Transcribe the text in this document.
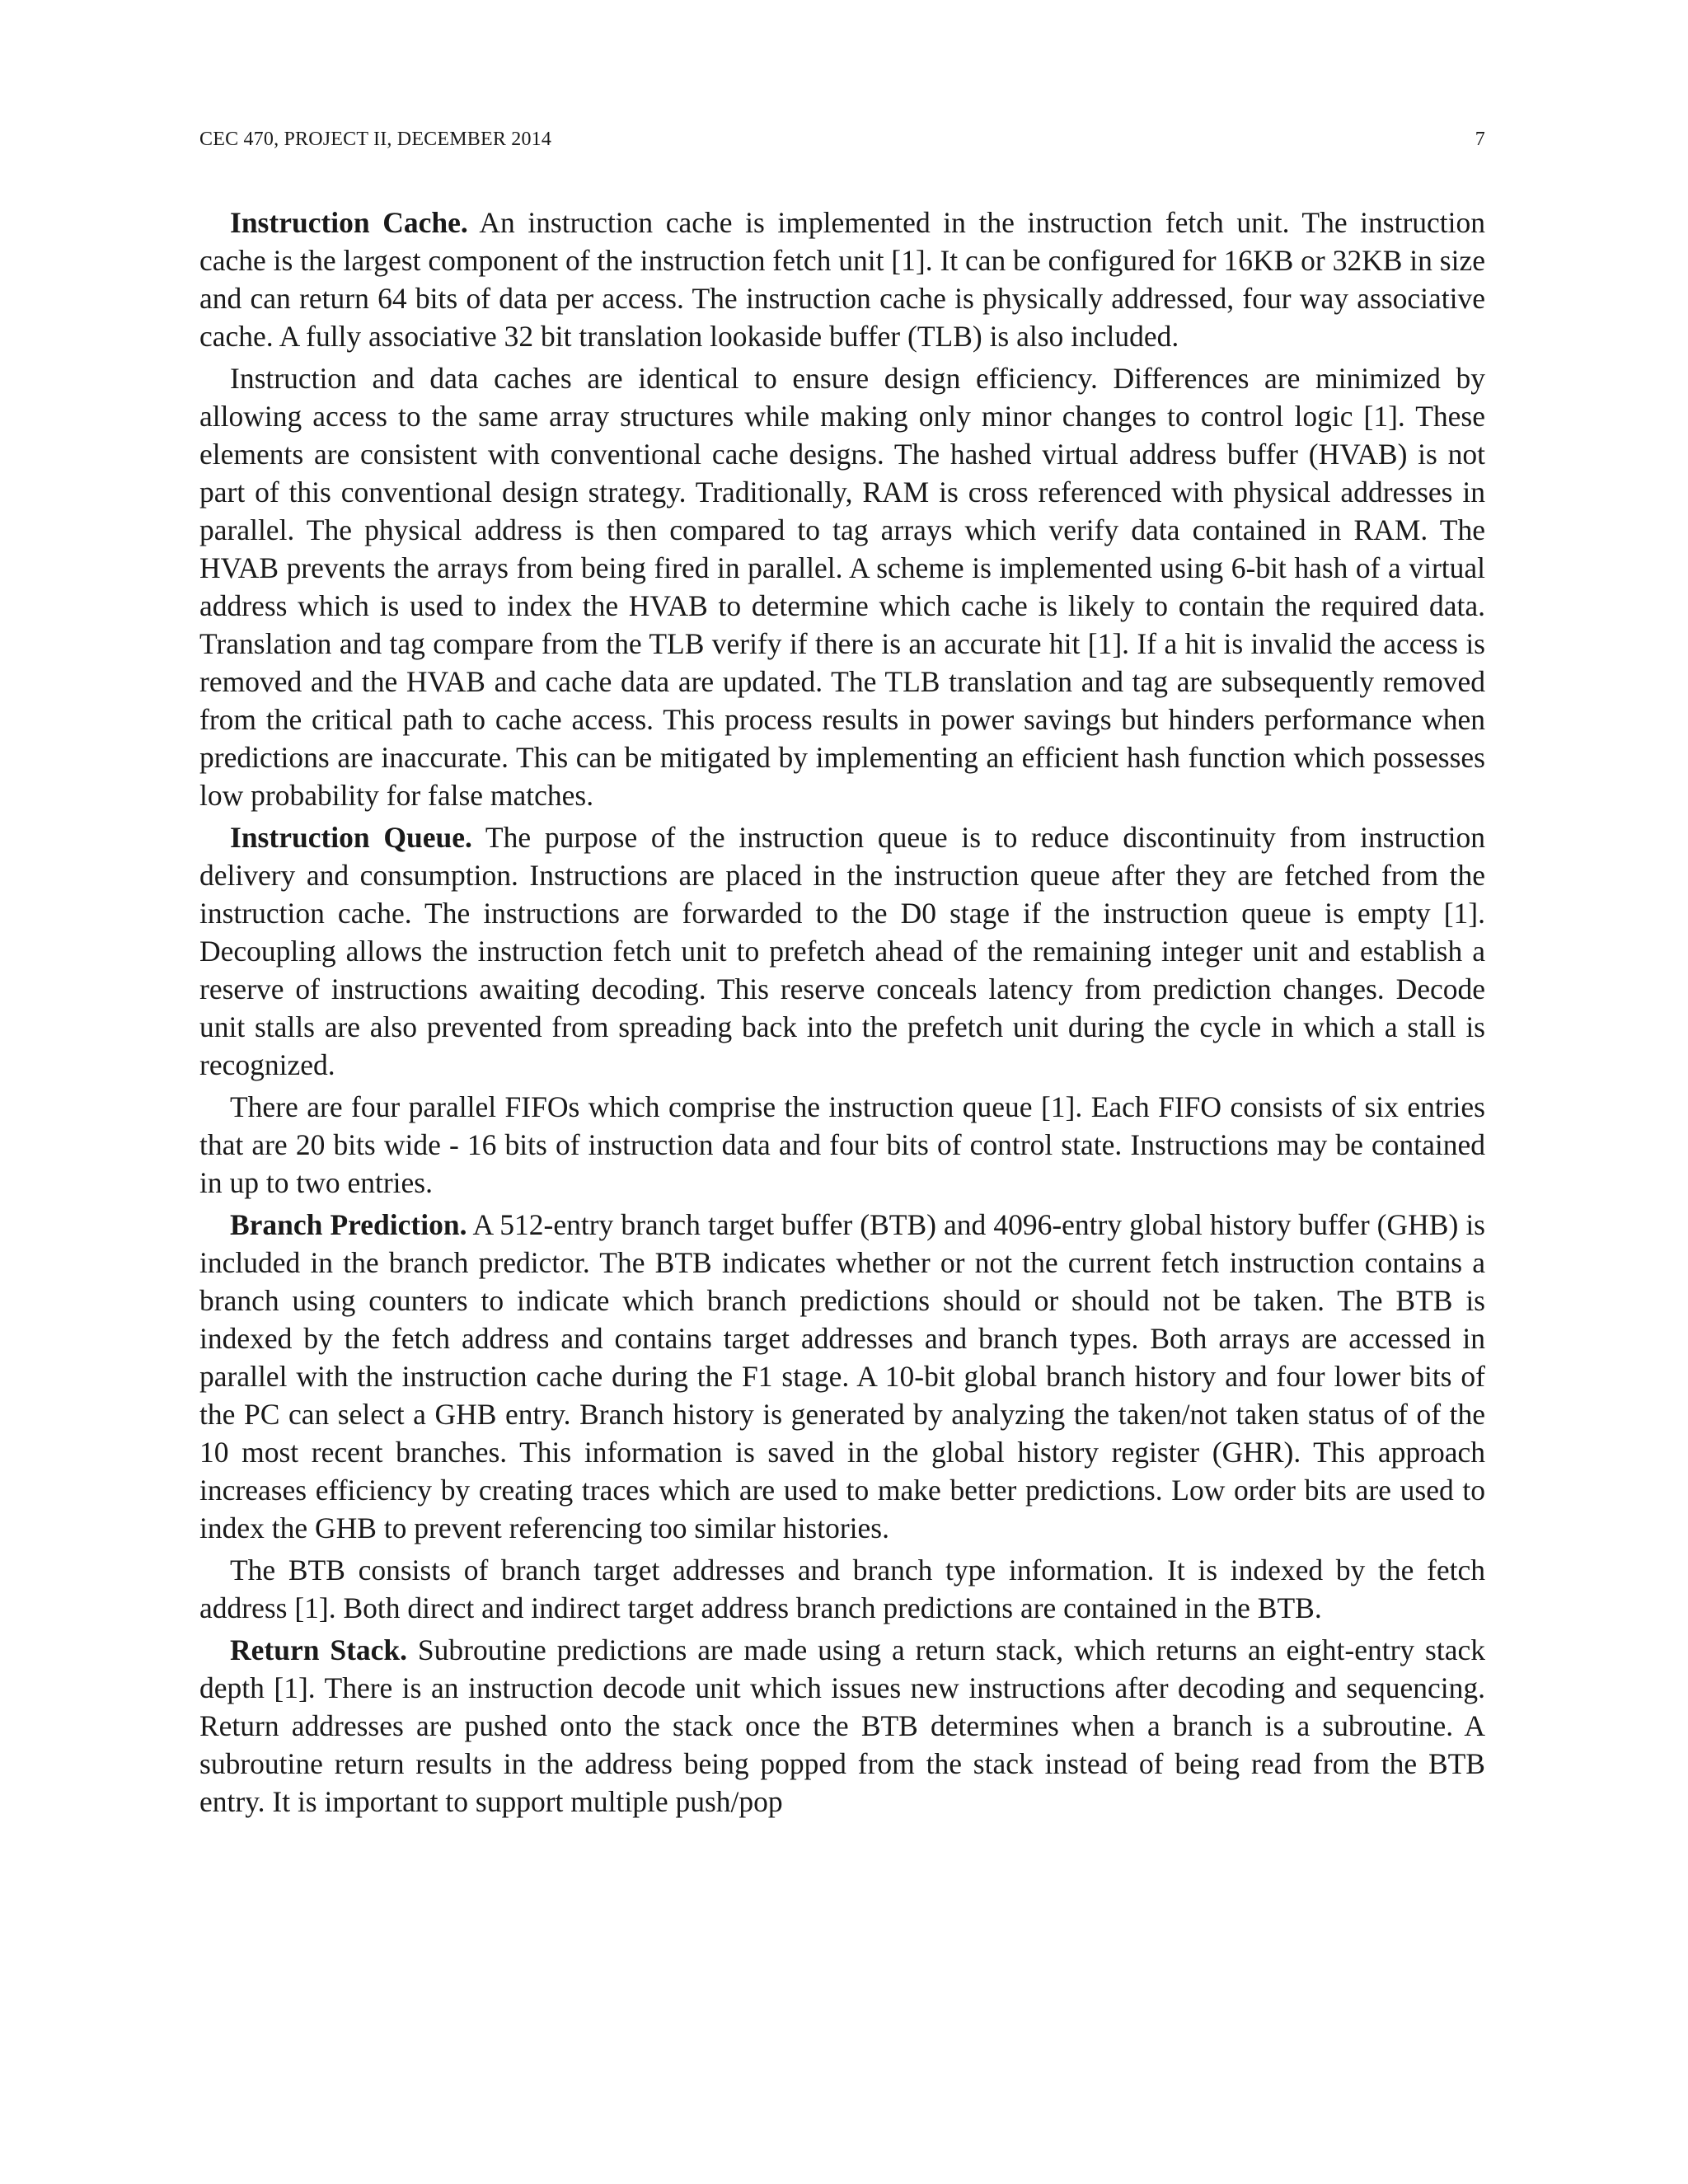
CEC 470, PROJECT II, DECEMBER 2014	7

Instruction Cache. An instruction cache is implemented in the instruction fetch unit. The instruction cache is the largest component of the instruction fetch unit [1]. It can be configured for 16KB or 32KB in size and can return 64 bits of data per access. The instruction cache is physically addressed, four way associative cache. A fully associative 32 bit translation lookaside buffer (TLB) is also included.

Instruction and data caches are identical to ensure design efficiency. Differences are minimized by allowing access to the same array structures while making only minor changes to control logic [1]. These elements are consistent with conventional cache designs. The hashed virtual address buffer (HVAB) is not part of this conventional design strategy. Traditionally, RAM is cross referenced with physical addresses in parallel. The physical address is then compared to tag arrays which verify data contained in RAM. The HVAB prevents the arrays from being fired in parallel. A scheme is implemented using 6-bit hash of a virtual address which is used to index the HVAB to determine which cache is likely to contain the required data. Translation and tag compare from the TLB verify if there is an accurate hit [1]. If a hit is invalid the access is removed and the HVAB and cache data are updated. The TLB translation and tag are subsequently removed from the critical path to cache access. This process results in power savings but hinders performance when predictions are inaccurate. This can be mitigated by implementing an efficient hash function which possesses low probability for false matches.

Instruction Queue. The purpose of the instruction queue is to reduce discontinuity from instruction delivery and consumption. Instructions are placed in the instruction queue after they are fetched from the instruction cache. The instructions are forwarded to the D0 stage if the instruction queue is empty [1]. Decoupling allows the instruction fetch unit to prefetch ahead of the remaining integer unit and establish a reserve of instructions awaiting decoding. This reserve conceals latency from prediction changes. Decode unit stalls are also prevented from spreading back into the prefetch unit during the cycle in which a stall is recognized.

There are four parallel FIFOs which comprise the instruction queue [1]. Each FIFO consists of six entries that are 20 bits wide - 16 bits of instruction data and four bits of control state. Instructions may be contained in up to two entries.

Branch Prediction. A 512-entry branch target buffer (BTB) and 4096-entry global history buffer (GHB) is included in the branch predictor. The BTB indicates whether or not the current fetch instruction contains a branch using counters to indicate which branch predictions should or should not be taken. The BTB is indexed by the fetch address and contains target addresses and branch types. Both arrays are accessed in parallel with the instruction cache during the F1 stage. A 10-bit global branch history and four lower bits of the PC can select a GHB entry. Branch history is generated by analyzing the taken/not taken status of of the 10 most recent branches. This information is saved in the global history register (GHR). This approach increases efficiency by creating traces which are used to make better predictions. Low order bits are used to index the GHB to prevent referencing too similar histories.

The BTB consists of branch target addresses and branch type information. It is indexed by the fetch address [1]. Both direct and indirect target address branch predictions are contained in the BTB.

Return Stack. Subroutine predictions are made using a return stack, which returns an eight-entry stack depth [1]. There is an instruction decode unit which issues new instructions after decoding and sequencing. Return addresses are pushed onto the stack once the BTB determines when a branch is a subroutine. A subroutine return results in the address being popped from the stack instead of being read from the BTB entry. It is important to support multiple push/pop
